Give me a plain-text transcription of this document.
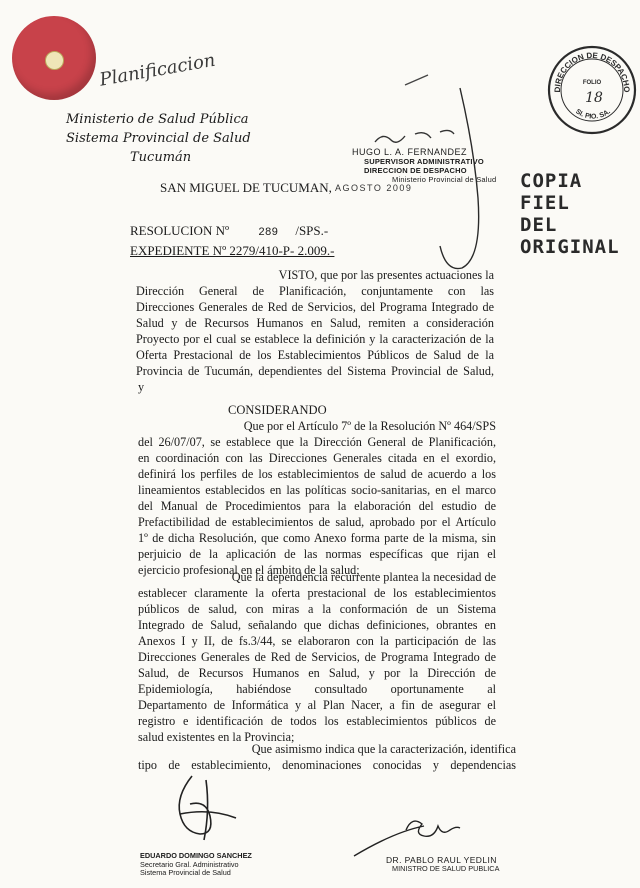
Planificacion
Ministerio de Salud Pública
Sistema Provincial de Salud
Tucumán
SAN MIGUEL DE TUCUMAN, AGOSTO 2009
HUGO L. A. FERNANDEZ
SUPERVISOR ADMINISTRATIVO
DIRECCION DE DESPACHO
Ministerio Provincial de Salud
DIRECCION DE DESPACHO
FOLIO
18
SI. PIO. SA.
COPIA FIEL
DEL ORIGINAL
RESOLUCION Nº	289 /SPS.-
EXPEDIENTE Nº 2279/410-P- 2.009.-

VISTO, que por las presentes actuaciones la

Dirección General de Planificación, conjuntamente con las

Direcciones Generales de Red de Servicios, del Programa Integrado de

Salud y de Recursos Humanos en Salud, remiten a consideración

Proyecto por el cual se establece la definición y la caracterización de la

Oferta Prestacional de los Establecimientos Públicos de Salud de la

Provincia de Tucumán, dependientes del Sistema Provincial de Salud,

y

CONSIDERANDO

Que por el Artículo 7º de la Resolución Nº 464/SPS

del 26/07/07, se establece que la Dirección General de Planificación,

en coordinación con las Direcciones Generales citada en el exordio,

definirá los perfiles de los establecimientos de salud de acuerdo a los

lineamientos establecidos en las políticas socio-sanitarias, en el marco

del Manual de Procedimientos para la elaboración del estudio de

Prefactibilidad de establecimientos de salud, aprobado por el Artículo

1º de dicha Resolución, que como Anexo forma parte de la misma, sin

perjuicio de la aplicación de las normas específicas que rijan el

ejercicio profesional en el ámbito de la salud;

Que la dependencia recurrente plantea la necesidad de

establecer claramente la oferta prestacional de los establecimientos

públicos de salud, con miras a la conformación de un Sistema

Integrado de Salud, señalando que dichas definiciones, obrantes en

Anexos I y II, de fs.3/44, se elaboraron con la participación de las

Direcciones Generales de Red de Servicios, de Programa Integrado de

Salud, de Recursos Humanos en Salud, y por la Dirección de

Epidemiología, habiéndose consultado oportunamente al

Departamento de Informática y al Plan Nacer, a fin de asegurar el

registro e identificación de todos los establecimientos públicos de

salud existentes en la Provincia;

Que asimismo indica que la caracterización, identifica

tipo de establecimiento, denominaciones conocidas y dependencias

EDUARDO DOMINGO SANCHEZ
Secretario Gral. Administrativo
Sistema Provincial de Salud
DR. PABLO RAUL YEDLIN
MINISTRO DE SALUD PUBLICA
